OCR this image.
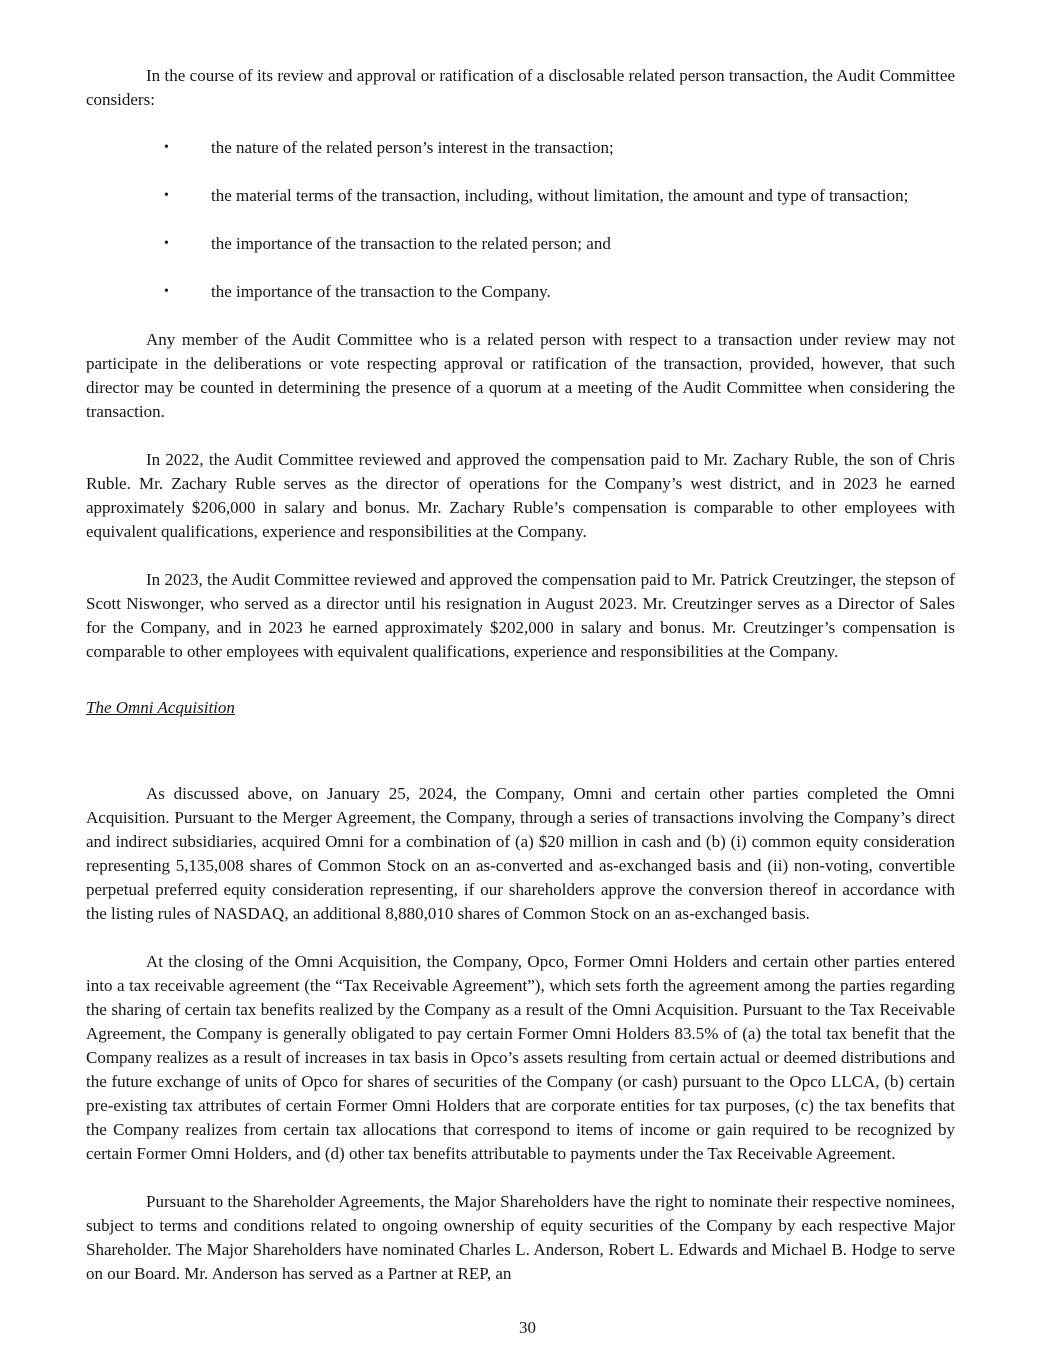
In the course of its review and approval or ratification of a disclosable related person transaction, the Audit Committee considers:

•	the nature of the related person’s interest in the transaction;
•	the material terms of the transaction, including, without limitation, the amount and type of transaction;
•	the importance of the transaction to the related person; and
•	the importance of the transaction to the Company.

Any member of the Audit Committee who is a related person with respect to a transaction under review may not participate in the deliberations or vote respecting approval or ratification of the transaction, provided, however, that such director may be counted in determining the presence of a quorum at a meeting of the Audit Committee when considering the transaction.

In 2022, the Audit Committee reviewed and approved the compensation paid to Mr. Zachary Ruble, the son of Chris Ruble. Mr. Zachary Ruble serves as the director of operations for the Company’s west district, and in 2023 he earned approximately $206,000 in salary and bonus. Mr. Zachary Ruble’s compensation is comparable to other employees with equivalent qualifications, experience and responsibilities at the Company.

In 2023, the Audit Committee reviewed and approved the compensation paid to Mr. Patrick Creutzinger, the stepson of Scott Niswonger, who served as a director until his resignation in August 2023. Mr. Creutzinger serves as a Director of Sales for the Company, and in 2023 he earned approximately $202,000 in salary and bonus. Mr. Creutzinger’s compensation is comparable to other employees with equivalent qualifications, experience and responsibilities at the Company.

The Omni Acquisition

As discussed above, on January 25, 2024, the Company, Omni and certain other parties completed the Omni Acquisition. Pursuant to the Merger Agreement, the Company, through a series of transactions involving the Company’s direct and indirect subsidiaries, acquired Omni for a combination of (a) $20 million in cash and (b) (i) common equity consideration representing 5,135,008 shares of Common Stock on an as-converted and as-exchanged basis and (ii) non-voting, convertible perpetual preferred equity consideration representing, if our shareholders approve the conversion thereof in accordance with the listing rules of NASDAQ, an additional 8,880,010 shares of Common Stock on an as-exchanged basis.

At the closing of the Omni Acquisition, the Company, Opco, Former Omni Holders and certain other parties entered into a tax receivable agreement (the “Tax Receivable Agreement”), which sets forth the agreement among the parties regarding the sharing of certain tax benefits realized by the Company as a result of the Omni Acquisition. Pursuant to the Tax Receivable Agreement, the Company is generally obligated to pay certain Former Omni Holders 83.5% of (a) the total tax benefit that the Company realizes as a result of increases in tax basis in Opco’s assets resulting from certain actual or deemed distributions and the future exchange of units of Opco for shares of securities of the Company (or cash) pursuant to the Opco LLCA, (b) certain pre-existing tax attributes of certain Former Omni Holders that are corporate entities for tax purposes, (c) the tax benefits that the Company realizes from certain tax allocations that correspond to items of income or gain required to be recognized by certain Former Omni Holders, and (d) other tax benefits attributable to payments under the Tax Receivable Agreement.

Pursuant to the Shareholder Agreements, the Major Shareholders have the right to nominate their respective nominees, subject to terms and conditions related to ongoing ownership of equity securities of the Company by each respective Major Shareholder. The Major Shareholders have nominated Charles L. Anderson, Robert L. Edwards and Michael B. Hodge to serve on our Board. Mr. Anderson has served as a Partner at REP, an

30
